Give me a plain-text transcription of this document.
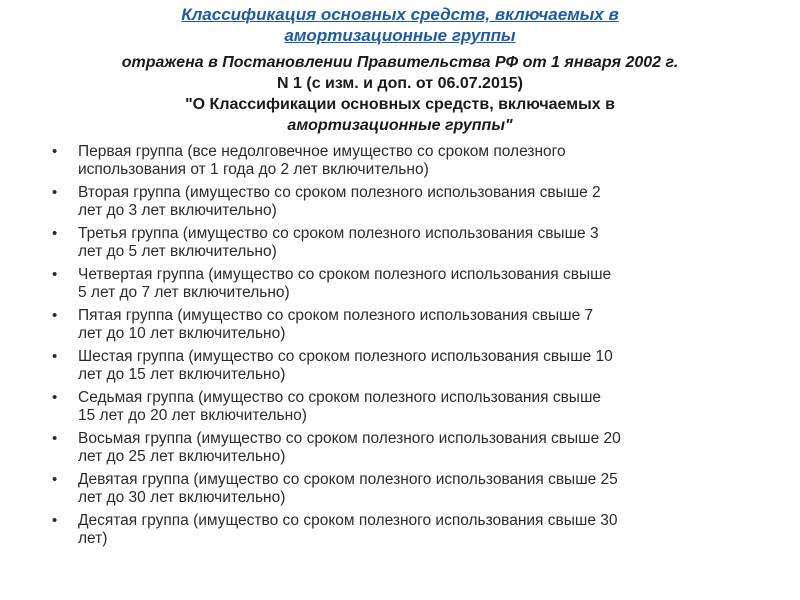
Классификация основных средств, включаемых в
амортизационные группы
отражена в Постановлении Правительства РФ от 1 января 2002 г.
N 1 (с изм. и доп. от 06.07.2015)
"О Классификации основных средств, включаемых в
амортизационные группы"
• Первая группа (все недолговечное имущество со сроком полезного
использования от 1 года до 2 лет включительно)
• Вторая группа (имущество со сроком полезного использования свыше 2
лет до 3 лет включительно)
• Третья группа (имущество со сроком полезного использования свыше 3
лет до 5 лет включительно)
• Четвертая группа (имущество со сроком полезного использования свыше
5 лет до 7 лет включительно)
• Пятая группа (имущество со сроком полезного использования свыше 7
лет до 10 лет включительно)
• Шестая группа (имущество со сроком полезного использования свыше 10
лет до 15 лет включительно)
• Седьмая группа (имущество со сроком полезного использования свыше
15 лет до 20 лет включительно)
• Восьмая группа (имущество со сроком полезного использования свыше 20
лет до 25 лет включительно)
• Девятая группа (имущество со сроком полезного использования свыше 25
лет до 30 лет включительно)
• Десятая группа (имущество со сроком полезного использования свыше 30
лет)
